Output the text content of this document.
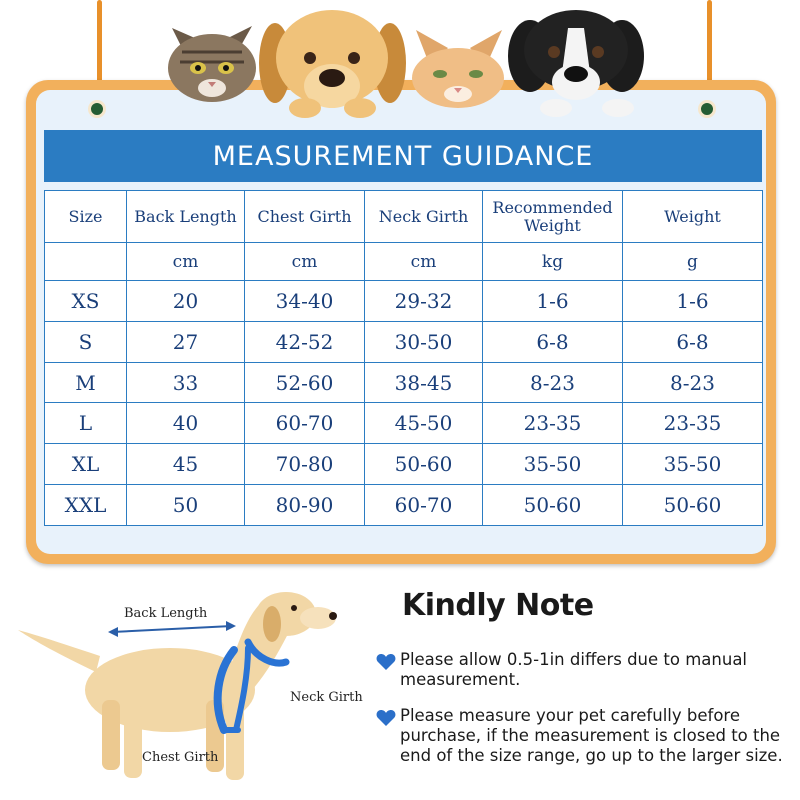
MEASUREMENT GUIDANCE
Size	Back Length	Chest Girth	Neck Girth	Recommended Weight	Weight
	cm	cm	cm	kg	g
XS	20	34-40	29-32	1-6	1-6
S	27	42-52	30-50	6-8	6-8
M	33	52-60	38-45	8-23	8-23
L	40	60-70	45-50	23-35	23-35
XL	45	70-80	50-60	35-50	35-50
XXL	50	80-90	60-70	50-60	50-60
Back Length
Neck Girth
Chest Girth
Kindly Note
Please allow 0.5-1in differs due to manual measurement.
Please measure your pet carefully before purchase, if the measurement is closed to the end of the size range, go up to the larger size.
